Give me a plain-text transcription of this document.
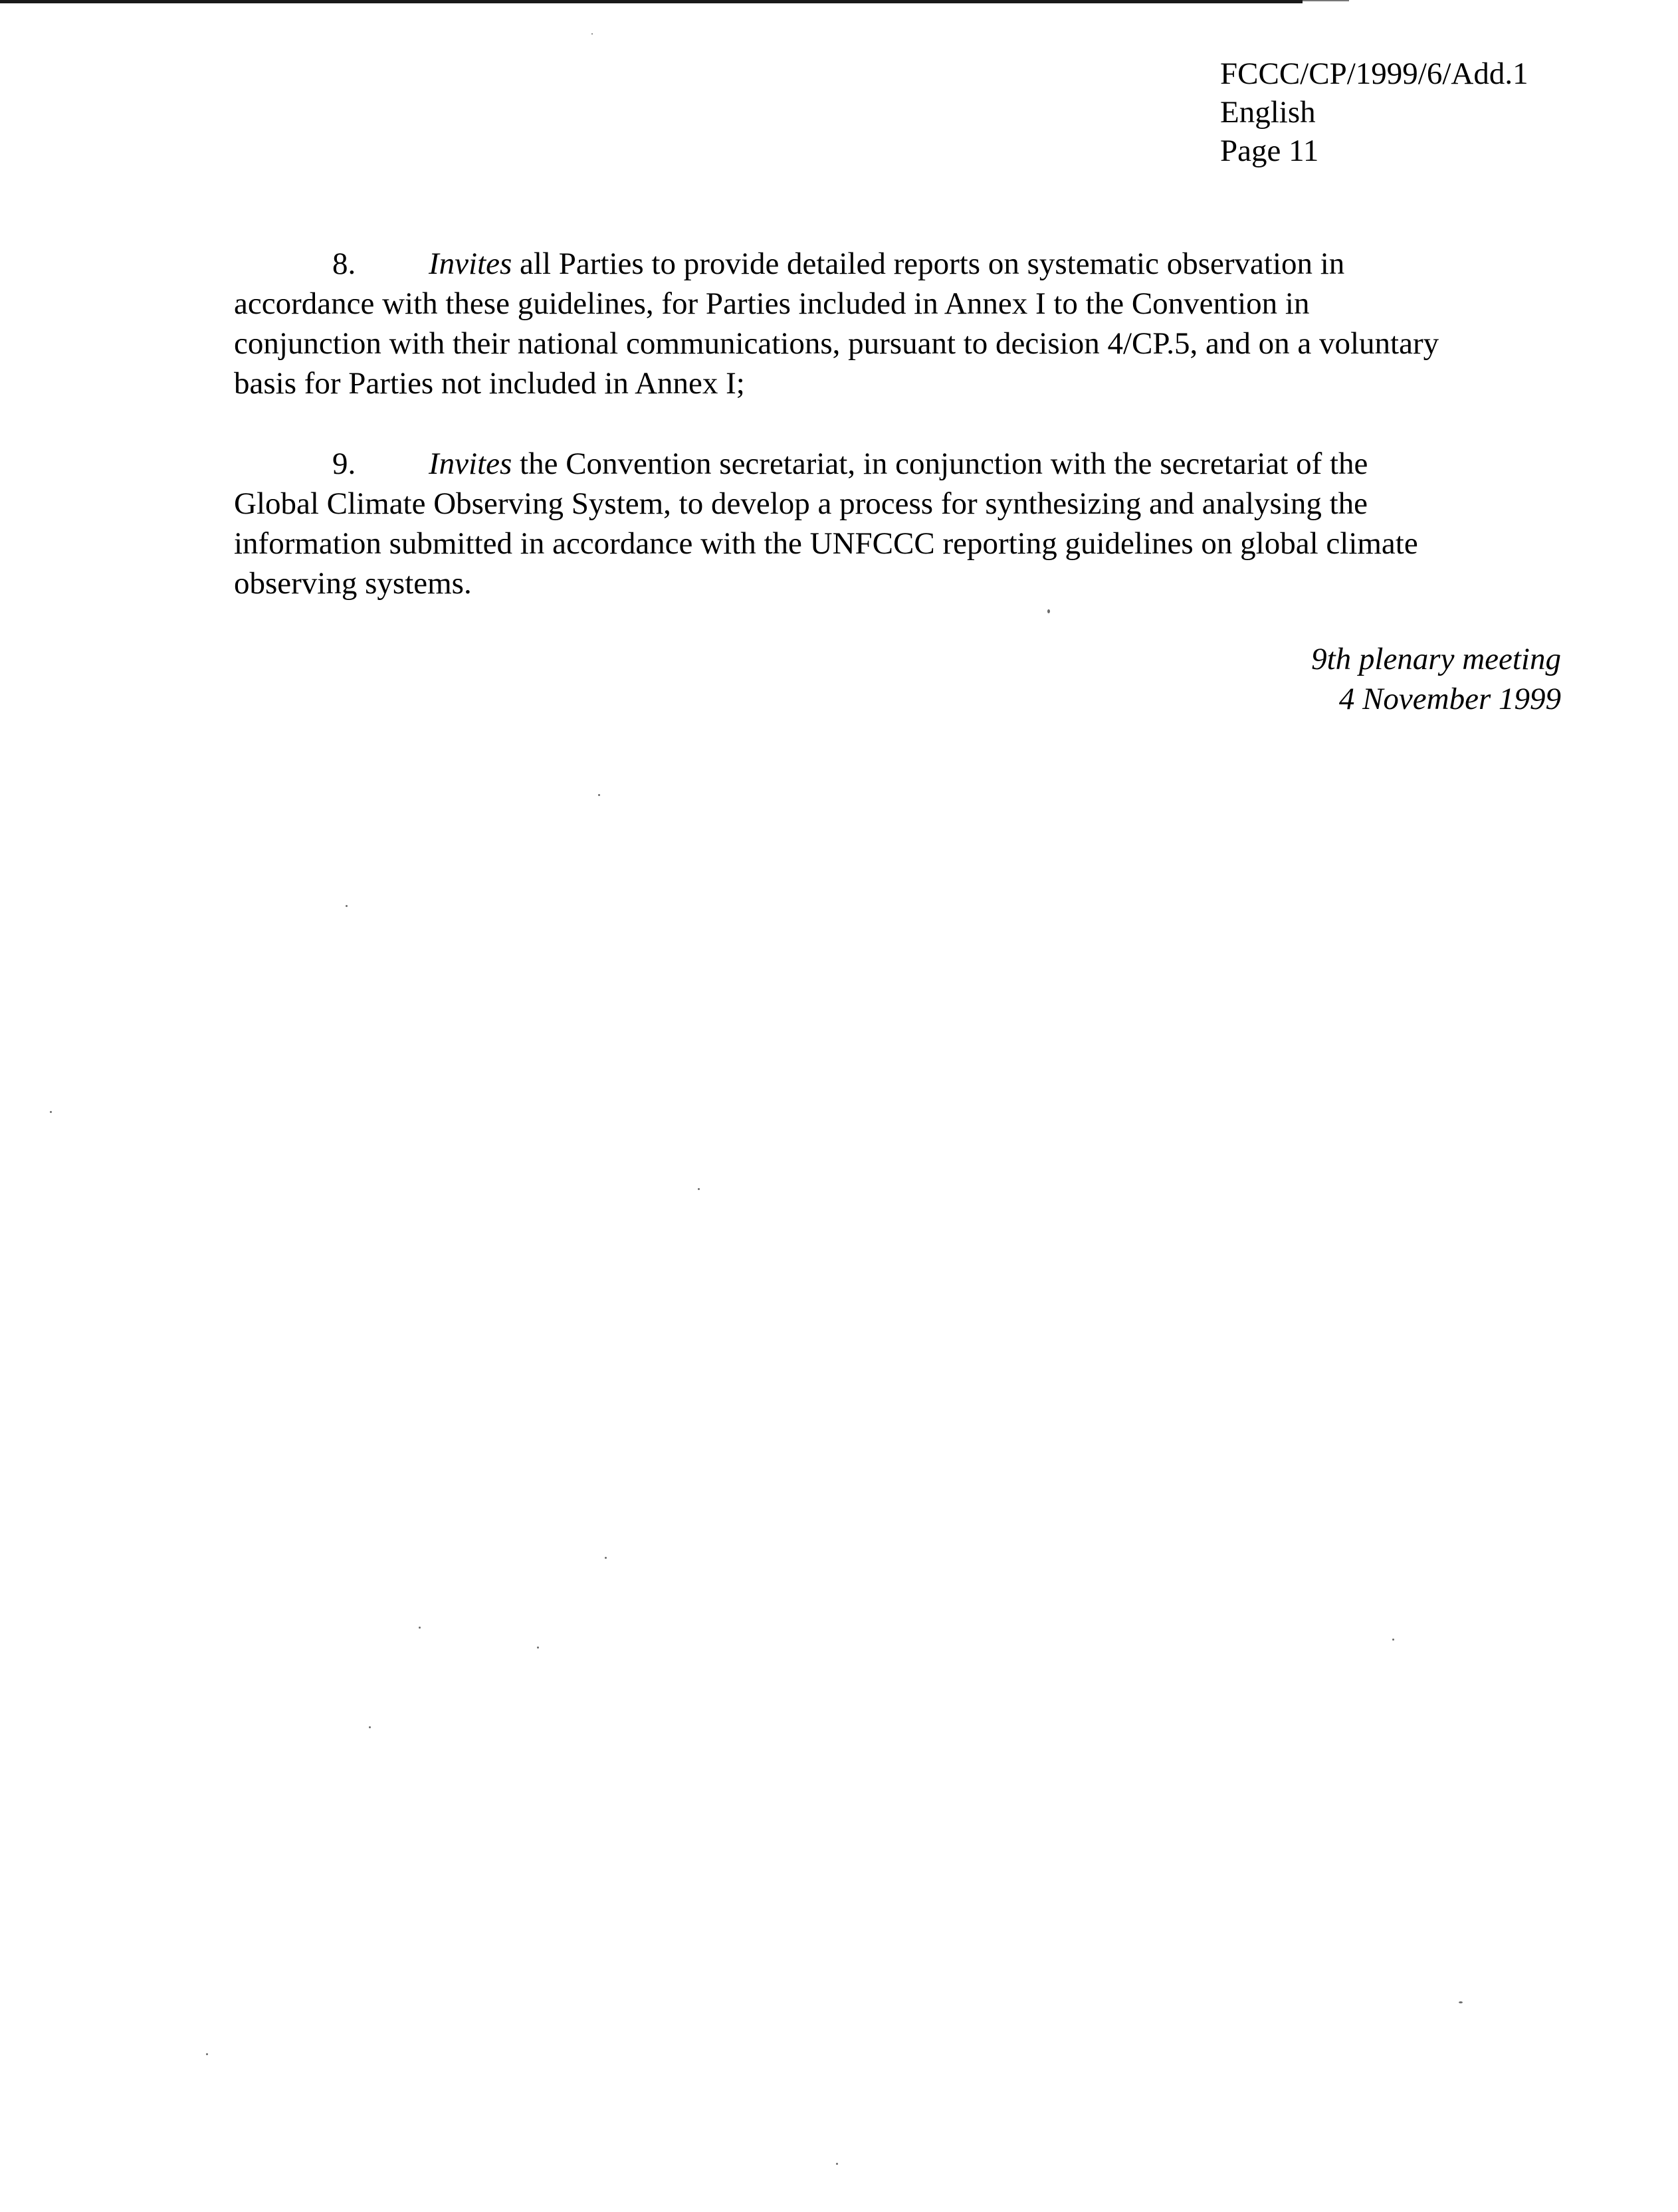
FCCC/CP/1999/6/Add.1
English
Page 11
8. Invites all Parties to provide detailed reports on systematic observation in
accordance with these guidelines, for Parties included in Annex I to the Convention in
conjunction with their national communications, pursuant to decision 4/CP.5, and on a voluntary
basis for Parties not included in Annex I;
9. Invites the Convention secretariat, in conjunction with the secretariat of the
Global Climate Observing System, to develop a process for synthesizing and analysing the
information submitted in accordance with the UNFCCC reporting guidelines on global climate
observing systems.
9th plenary meeting
4 November 1999
